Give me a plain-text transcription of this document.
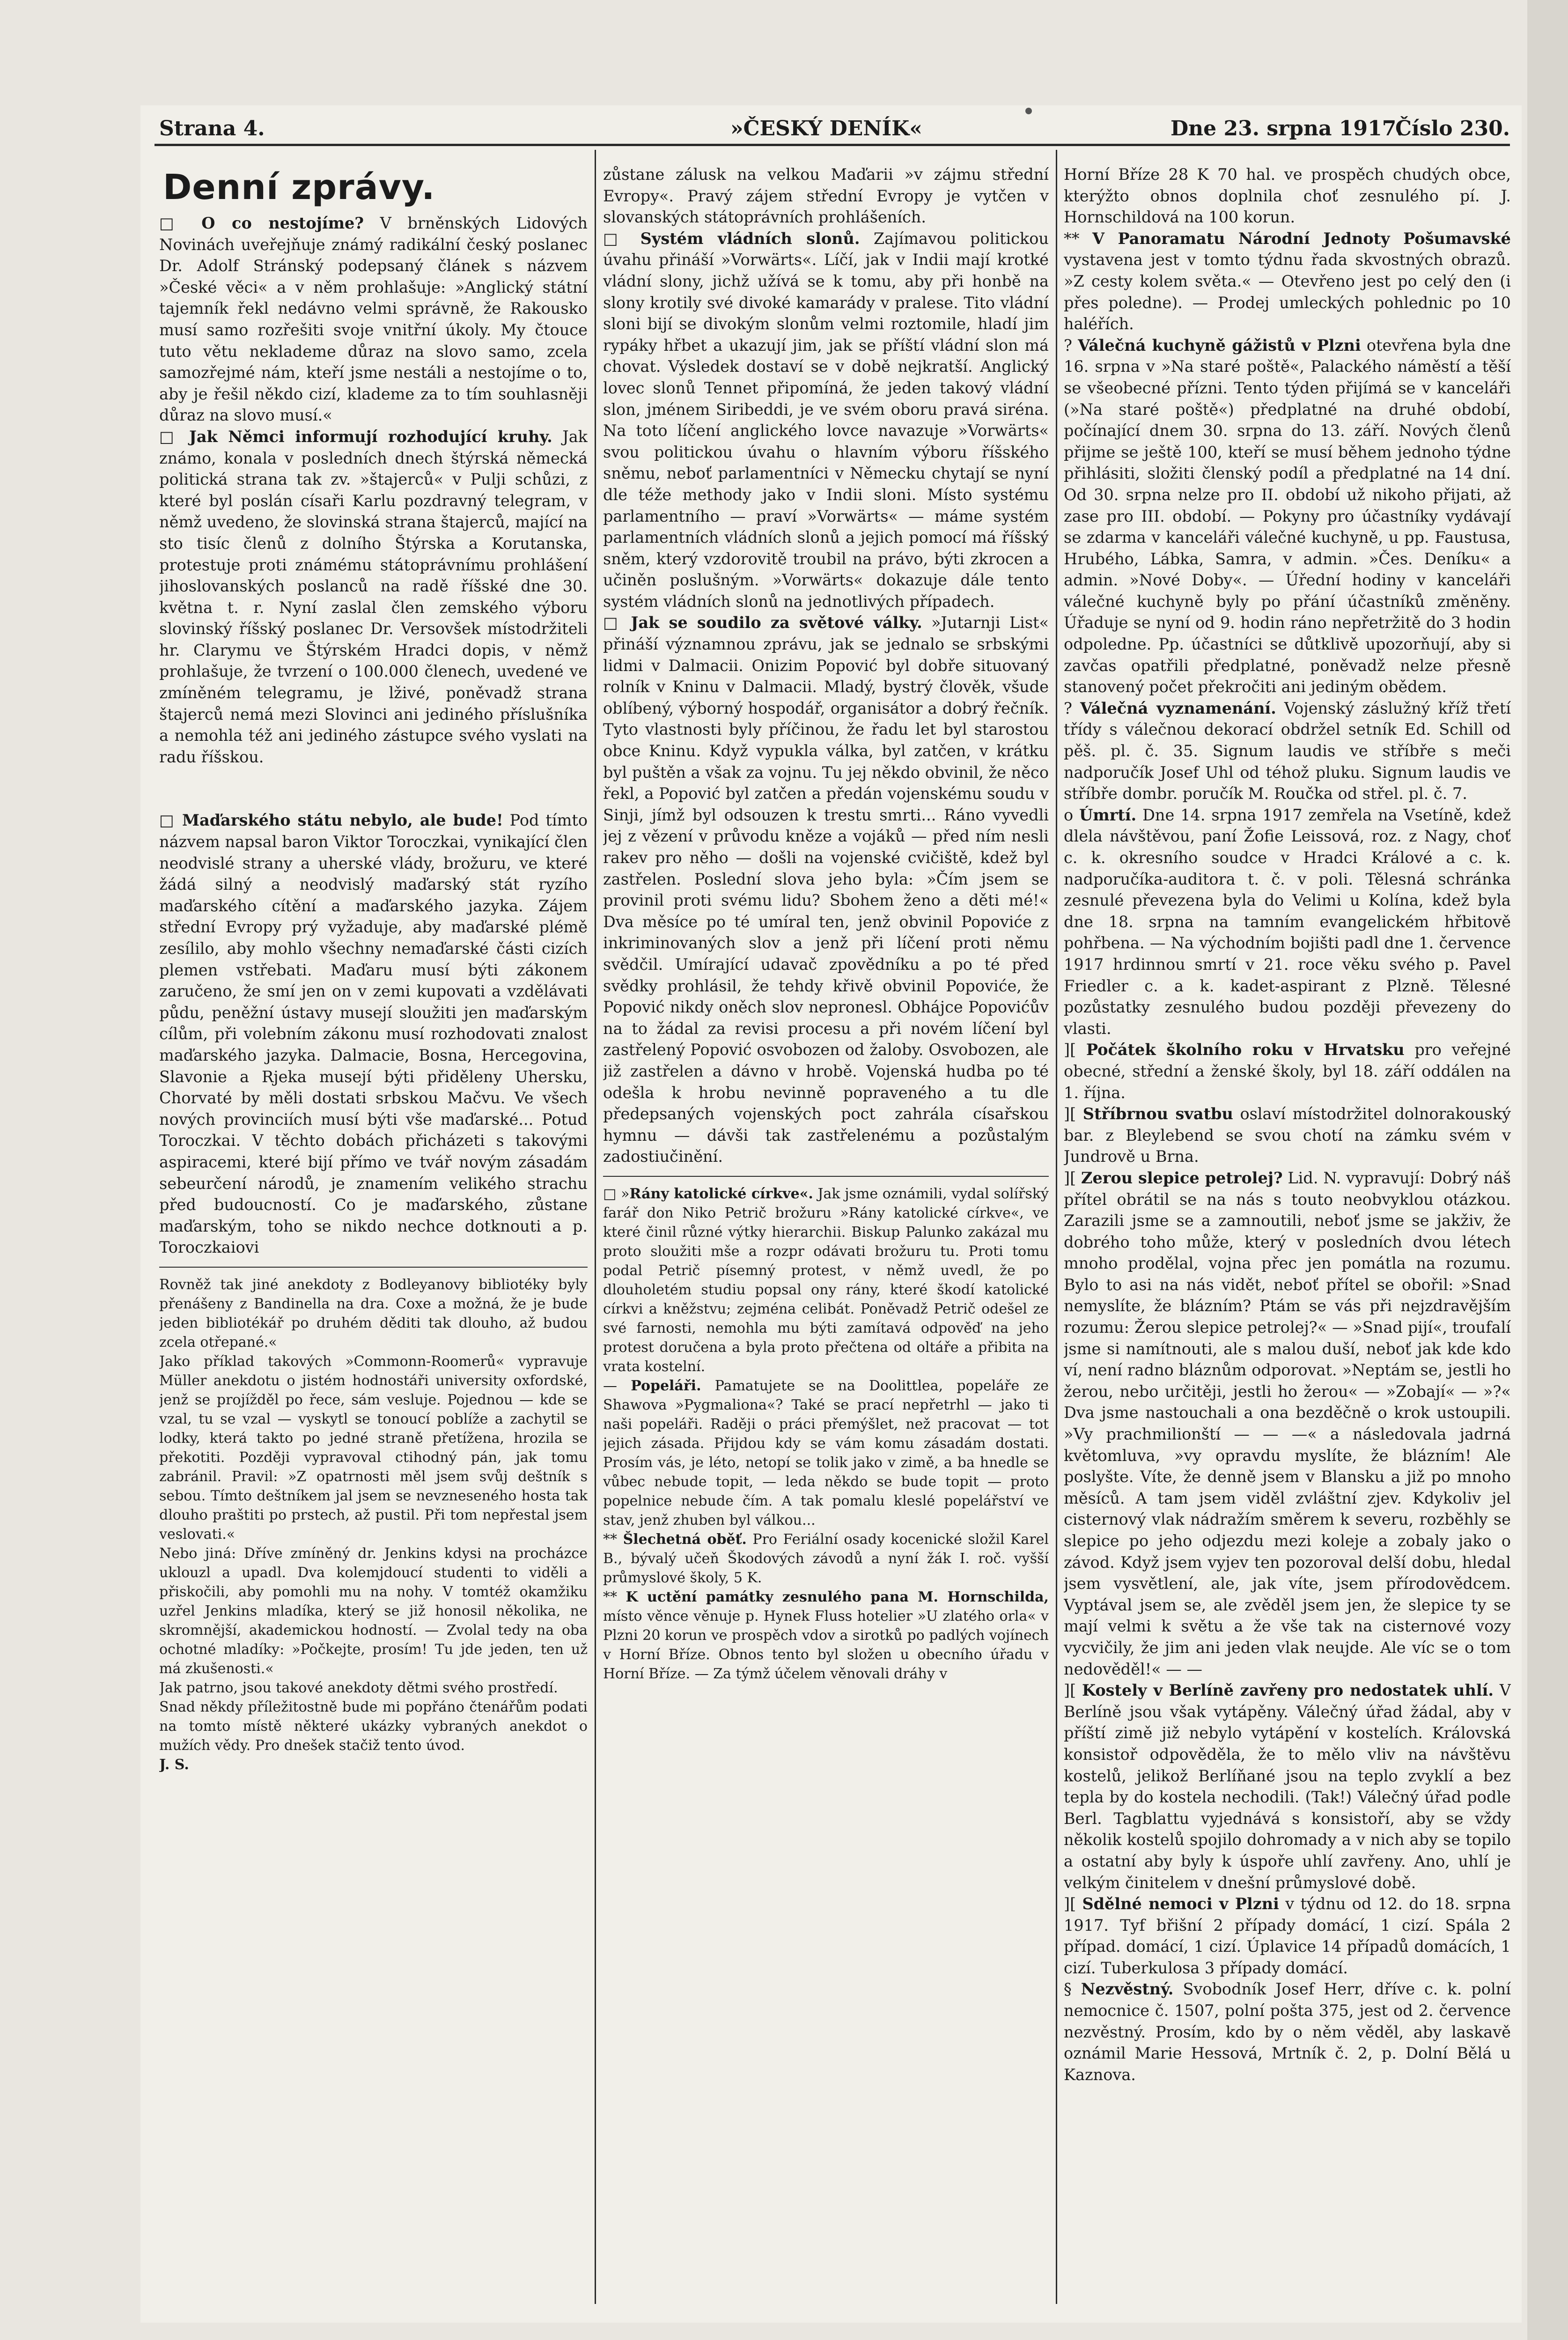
Strana 4.	»ČESKÝ DENÍK«	Dne 23. srpna 1917.
Číslo 230.
Denní zprávy.

□ O co nestojíme? V brněnských Lidových Novinách uveřejňuje známý radikální český poslanec Dr. Adolf Stránský podepsaný článek s názvem »České věci« a v něm prohlašuje: »Anglický státní tajemník řekl nedávno velmi správně, že Rakousko musí samo rozřešiti svoje vnitřní úkoly. My čtouce tuto větu neklademe důraz na slovo samo, zcela samozřejmé nám, kteří jsme nestáli a nestojíme o to, aby je řešil někdo cizí, klademe za to tím souhlasněji důraz na slovo musí.«

□ Jak Němci informují rozhodující kruhy. Jak známo, konala v posledních dnech štýrská německá politická strana tak zv. »štajerců« v Pulji schůzi, z které byl poslán císaři Karlu pozdravný telegram, v němž uvedeno, že slovinská strana štajerců, mající na sto tisíc členů z dolního Štýrska a Korutanska, protestuje proti známému státoprávnímu prohlášení jihoslovanských poslanců na radě říšské dne 30. května t. r. Nyní zaslal člen zemského výboru slovinský říšský poslanec Dr. Versovšek místodržiteli hr. Clarymu ve Štýrském Hradci dopis, v němž prohlašuje, že tvrzení o 100.000 členech, uvedené ve zmíněném telegramu, je lživé, poněvadž strana štajerců nemá mezi Slovinci ani jediného příslušníka a nemohla též ani jediného zástupce svého vyslati na radu říšskou.

□ Maďarského státu nebylo, ale bude! Pod tímto názvem napsal baron Viktor Toroczkai, vynikající člen neodvislé strany a uherské vlády, brožuru, ve které žádá silný a neodvislý maďarský stát ryzího maďarského cítění a maďarského jazyka. Zájem střední Evropy prý vyžaduje, aby maďarské plémě zesílilo, aby mohlo všechny nemaďarské části cizích plemen vstřebati. Maďaru musí býti zákonem zaručeno, že smí jen on v zemi kupovati a vzdělávati půdu, peněžní ústavy musejí sloužiti jen maďarským cílům, při volebním zákonu musí rozhodovati znalost maďarského jazyka. Dalmacie, Bosna, Hercegovina, Slavonie a Rjeka musejí býti přiděleny Uhersku, Chorvaté by měli dostati srbskou Mačvu. Ve všech nových provinciích musí býti vše maďarské... Potud Toroczkai. V těchto dobách přicházeti s takovými aspiracemi, které bijí přímo ve tvář novým zásadám sebeurčení národů, je znamením velikého strachu před budoucností. Co je maďarského, zůstane maďarským, toho se nikdo nechce dotknouti a p. Toroczkaiovi

Rovněž tak jiné anekdoty z Bodleyanovy bibliotéky byly přenášeny z Bandinella na dra. Coxe a možná, že je bude jeden bibliotékář po druhém děditi tak dlouho, až budou zcela otřepané.«

Jako příklad takových »Commonn-Roomerů« vypravuje Müller anekdotu o jistém hodnostáři university oxfordské, jenž se projížděl po řece, sám vesluje. Pojednou — kde se vzal, tu se vzal — vyskytl se tonoucí poblíže a zachytil se lodky, která takto po jedné straně přetížena, hrozila se překotiti. Později vypravoval ctihodný pán, jak tomu zabránil. Pravil: »Z opatrnosti měl jsem svůj deštník s sebou. Tímto deštníkem jal jsem se nevzneseného hosta tak dlouho praštiti po prstech, až pustil. Při tom nepřestal jsem veslovati.«

Nebo jiná: Dříve zmíněný dr. Jenkins kdysi na procházce uklouzl a upadl. Dva kolemjdoucí studenti to viděli a přiskočili, aby pomohli mu na nohy. V tomtéž okamžiku uzřel Jenkins mladíka, který se již honosil několika, ne skromnější, akademickou hodností. — Zvolal tedy na oba ochotné mladíky: »Počkejte, prosím! Tu jde jeden, ten už má zkušenosti.«

Jak patrno, jsou takové anekdoty dětmi svého prostředí.

Snad někdy příležitostně bude mi popřáno čtenářům podati na tomto místě některé ukázky vybraných anekdot o mužích vědy. Pro dnešek stačiž tento úvod.

J. S.

zůstane zálusk na velkou Maďarii »v zájmu střední Evropy«. Pravý zájem střední Evropy je vytčen v slovanských státoprávních prohlášeních.

□ Systém vládních slonů. Zajímavou politickou úvahu přináší »Vorwärts«. Líčí, jak v Indii mají krotké vládní slony, jichž užívá se k tomu, aby při honbě na slony krotily své divoké kamarády v pralese. Tito vládní sloni bijí se divokým slonům velmi roztomile, hladí jim rypáky hřbet a ukazují jim, jak se příští vládní slon má chovat. Výsledek dostaví se v době nejkratší. Anglický lovec slonů Tennet připomíná, že jeden takový vládní slon, jménem Siribeddi, je ve svém oboru pravá siréna. Na toto líčení anglického lovce navazuje »Vorwärts« svou politickou úvahu o hlavním výboru říšského sněmu, neboť parlamentníci v Německu chytají se nyní dle téže methody jako v Indii sloni. Místo systému parlamentního — praví »Vorwärts« — máme systém parlamentních vládních slonů a jejich pomocí má říšský sněm, který vzdorovitě troubil na právo, býti zkrocen a učiněn poslušným. »Vorwärts« dokazuje dále tento systém vládních slonů na jednotlivých případech.

□ Jak se soudilo za světové války. »Jutarnji List« přináší významnou zprávu, jak se jednalo se srbskými lidmi v Dalmacii. Onizim Popović byl dobře situovaný rolník v Kninu v Dalmacii. Mladý, bystrý člověk, všude oblíbený, výborný hospodář, organisátor a dobrý řečník. Tyto vlastnosti byly příčinou, že řadu let byl starostou obce Kninu. Když vypukla válka, byl zatčen, v krátku byl puštěn a však za vojnu. Tu jej někdo obvinil, že něco řekl, a Popović byl zatčen a předán vojenskému soudu v Sinji, jímž byl odsouzen k trestu smrti... Ráno vyvedli jej z vězení v průvodu kněze a vojáků — před ním nesli rakev pro něho — došli na vojenské cvičiště, kdež byl zastřelen. Poslední slova jeho byla: »Čím jsem se provinil proti svému lidu? Sbohem ženo a děti mé!« Dva měsíce po té umíral ten, jenž obvinil Popoviće z inkriminovaných slov a jenž při líčení proti němu svědčil. Umírající udavač zpovědníku a po té před svědky prohlásil, že tehdy křivě obvinil Popoviće, že Popović nikdy oněch slov nepronesl. Obhájce Popovićův na to žádal za revisi procesu a při novém líčení byl zastřelený Popović osvobozen od žaloby. Osvobozen, ale již zastřelen a dávno v hrobě. Vojenská hudba po té odešla k hrobu nevinně popraveného a tu dle předepsaných vojenských poct zahrála císařskou hymnu — dávši tak zastřelenému a pozůstalým zadostiučinění.

□ »Rány katolické církve«. Jak jsme oznámili, vydal solířský farář don Niko Petrič brožuru »Rány katolické církve«, ve které činil různé výtky hierarchii. Biskup Palunko zakázal mu proto sloužiti mše a rozpr odávati brožuru tu. Proti tomu podal Petrič písemný protest, v němž uvedl, že po dlouholetém studiu popsal ony rány, které škodí katolické církvi a kněžstvu; zejména celibát. Poněvadž Petrič odešel ze své farnosti, nemohla mu býti zamítavá odpověď na jeho protest doručena a byla proto přečtena od oltáře a přibita na vrata kostelní.

— Popeláři. Pamatujete se na Doolittlea, popeláře ze Shawova »Pygmaliona«? Také se prací nepřetrhl — jako ti naši popeláři. Raději o práci přemýšlet, než pracovat — tot jejich zásada. Přijdou kdy se vám komu zásadám dostati. Prosím vás, je léto, netopí se tolik jako v zimě, a ba hnedle se vůbec nebude topit, — leda někdo se bude topit — proto popelnice nebude čím. A tak pomalu kleslé popelářství ve stav, jenž zhuben byl válkou...

** Šlechetná oběť. Pro Feriální osady kocenické složil Karel B., bývalý učeň Škodových závodů a nyní žák I. roč. vyšší průmyslové školy, 5 K.

** K uctění památky zesnulého pana M. Hornschilda, místo věnce věnuje p. Hynek Fluss hotelier »U zlatého orla« v Plzni 20 korun ve prospěch vdov a sirotků po padlých vojínech v Horní Bříze. Obnos tento byl složen u obecního úřadu v Horní Bříze. — Za týmž účelem věnovali dráhy v

Horní Bříze 28 K 70 hal. ve prospěch chudých obce, kterýžto obnos doplnila choť zesnulého pí. J. Hornschildová na 100 korun.

** V Panoramatu Národní Jednoty Pošumavské vystavena jest v tomto týdnu řada skvostných obrazů. »Z cesty kolem světa.« — Otevřeno jest po celý den (i přes poledne). — Prodej umleckých pohlednic po 10 haléřích.

? Válečná kuchyně gážistů v Plzni otevřena byla dne 16. srpna v »Na staré poště«, Palackého náměstí a těší se všeobecné přízni. Tento týden přijímá se v kanceláři (»Na staré poště«) předplatné na druhé období, počínající dnem 30. srpna do 13. září. Nových členů přijme se ještě 100, kteří se musí během jednoho týdne přihlásiti, složiti členský podíl a předplatné na 14 dní. Od 30. srpna nelze pro II. období už nikoho přijati, až zase pro III. období. — Pokyny pro účastníky vydávají se zdarma v kanceláři válečné kuchyně, u pp. Faustusa, Hrubého, Lábka, Samra, v admin. »Čes. Deníku« a admin. »Nové Doby«. — Úřední hodiny v kanceláři válečné kuchyně byly po přání účastníků změněny. Úřaduje se nyní od 9. hodin ráno nepřetržitě do 3 hodin odpoledne. Pp. účastníci se důtklivě upozorňují, aby si zavčas opatřili předplatné, poněvadž nelze přesně stanovený počet překročiti ani jediným obědem.

? Válečná vyznamenání. Vojenský záslužný kříž třetí třídy s válečnou dekorací obdržel setník Ed. Schill od pěš. pl. č. 35. Signum laudis ve stříbře s meči nadporučík Josef Uhl od téhož pluku. Signum laudis ve stříbře dombr. poručík M. Roučka od střel. pl. č. 7.

o Úmrtí. Dne 14. srpna 1917 zemřela na Vsetíně, kdež dlela návštěvou, paní Žofie Leissová, roz. z Nagy, choť c. k. okresního soudce v Hradci Králové a c. k. nadporučíka-auditora t. č. v poli. Tělesná schránka zesnulé převezena byla do Velimi u Kolína, kdež byla dne 18. srpna na tamním evangelickém hřbitově pohřbena. — Na východním bojišti padl dne 1. července 1917 hrdinnou smrtí v 21. roce věku svého p. Pavel Friedler c. a k. kadet-aspirant z Plzně. Tělesné pozůstatky zesnulého budou později převezeny do vlasti.

][ Počátek školního roku v Hrvatsku pro veřejné obecné, střední a ženské školy, byl 18. září oddálen na 1. října.

][ Stříbrnou svatbu oslaví místodržitel dolnorakouský bar. z Bleylebend se svou chotí na zámku svém v Jundrově u Brna.

][ Zerou slepice petrolej? Lid. N. vypravují: Dobrý náš přítel obrátil se na nás s touto neobvyklou otázkou. Zarazili jsme se a zamnoutili, neboť jsme se jakživ, že dobrého toho může, který v posledních dvou létech mnoho prodělal, vojna přec jen pomátla na rozumu. Bylo to asi na nás vidět, neboť přítel se obořil: »Snad nemyslíte, že blázním? Ptám se vás při nejzdravějším rozumu: Žerou slepice petrolej?« — »Snad pijí«, troufalí jsme si namítnouti, ale s malou duší, neboť jak kde kdo ví, není radno bláznům odporovat. »Neptám se, jestli ho žerou, nebo určitěji, jestli ho žerou« — »Zobají« — »?« Dva jsme nastouchali a ona bezděčně o krok ustoupili. »Vy prachmilionští — — —« a následovala jadrná květomluva, »vy opravdu myslíte, že blázním! Ale poslyšte. Víte, že denně jsem v Blansku a již po mnoho měsíců. A tam jsem viděl zvláštní zjev. Kdykoliv jel cisternový vlak nádražím směrem k severu, rozběhly se slepice po jeho odjezdu mezi koleje a zobaly jako o závod. Když jsem vyjev ten pozoroval delší dobu, hledal jsem vysvětlení, ale, jak víte, jsem přírodovědcem. Vyptával jsem se, ale zvěděl jsem jen, že slepice ty se mají velmi k světu a že vše tak na cisternové vozy vycvičily, že jim ani jeden vlak neujde. Ale víc se o tom nedověděl!« — —

][ Kostely v Berlíně zavřeny pro nedostatek uhlí. V Berlíně jsou však vytápěny. Válečný úřad žádal, aby v příští zimě již nebylo vytápění v kostelích. Královská konsistoř odpověděla, že to mělo vliv na návštěvu kostelů, jelikož Berlíňané jsou na teplo zvyklí a bez tepla by do kostela nechodili. (Tak!) Válečný úřad podle Berl. Tagblattu vyjednává s konsistoří, aby se vždy několik kostelů spojilo dohromady a v nich aby se topilo a ostatní aby byly k úspoře uhlí zavřeny. Ano, uhlí je velkým činitelem v dnešní průmyslové době.

][ Sdělné nemoci v Plzni v týdnu od 12. do 18. srpna 1917. Tyf břišní 2 případy domácí, 1 cizí. Spála 2 případ. domácí, 1 cizí. Úplavice 14 případů domácích, 1 cizí. Tuberkulosa 3 případy domácí.

§ Nezvěstný. Svobodník Josef Herr, dříve c. k. polní nemocnice č. 1507, polní pošta 375, jest od 2. července nezvěstný. Prosím, kdo by o něm věděl, aby laskavě oznámil Marie Hessová, Mrtník č. 2, p. Dolní Bělá u Kaznova.
